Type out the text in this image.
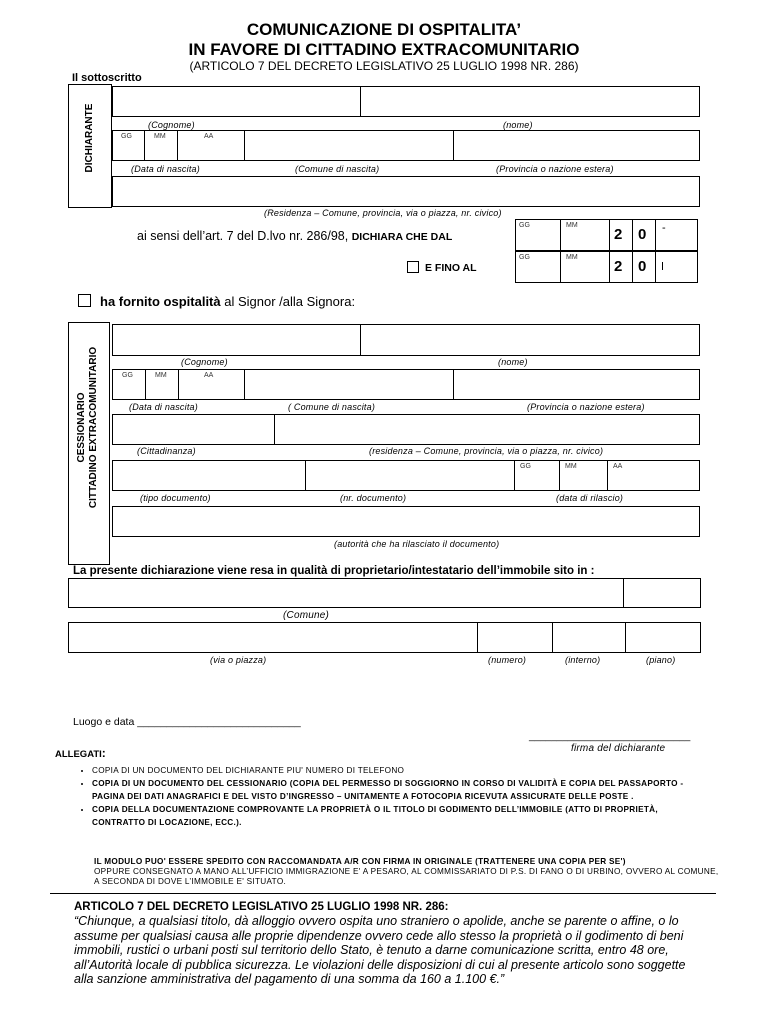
COMUNICAZIONE DI OSPITALITA’
IN FAVORE DI CITTADINO EXTRACOMUNITARIO
(ARTICOLO 7 DEL DECRETO LEGISLATIVO 25 LUGLIO 1998 NR. 286)
Il sottoscritto
DICHIARANTE	(Cognome)	(nome)
GG	MM	AA
(Data di nascita)	(Comune di nascita)	(Provincia o nazione estera)
(Residenza – Comune, provincia, via o piazza, nr. civico)
ai sensi dell’art. 7 del D.lvo nr. 286/98, DICHIARA CHE DAL
E FINO AL
GG	MM
2 0 -
GG	MM
2 0
ha fornito ospitalità al Signor /alla Signora:
CESSIONARIO
CITTADINO EXTRACOMUNITARIO	(Cognome)	(nome)
GG	MM	AA
(Data di nascita)	( Comune di nascita)	(Provincia o nazione estera)
(Cittadinanza)	(residenza – Comune, provincia, via o piazza, nr. civico)
GG	MM	AA
(tipo documento)	(nr. documento)	(data di rilascio)
(autorità che ha rilasciato il documento)
La presente dichiarazione viene resa in qualità di proprietario/intestatario dell’immobile sito in :
(Comune)
(via o piazza)	(numero)	(interno)	(piano)
Luogo e data ____________________________
_____________________________
firma del dichiarante
ALLEGATI:
• COPIA DI UN DOCUMENTO DEL DICHIARANTE PIU' NUMERO DI TELEFONO
• COPIA DI UN DOCUMENTO DEL CESSIONARIO (COPIA DEL PERMESSO DI SOGGIORNO IN CORSO DI VALIDITÀ E COPIA DEL PASSAPORTO - PAGINA DEI DATI ANAGRAFICI E DEL VISTO D’INGRESSO – UNITAMENTE A FOTOCOPIA RICEVUTA ASSICURATE DELLE POSTE .
• COPIA DELLA DOCUMENTAZIONE COMPROVANTE LA PROPRIETÀ O IL TITOLO DI GODIMENTO DELL’IMMOBILE (ATTO DI PROPRIETÀ, CONTRATTO DI LOCAZIONE, ECC.).
IL MODULO PUO' ESSERE SPEDITO CON RACCOMANDATA A/R CON FIRMA IN ORIGINALE (TRATTENERE UNA COPIA PER SE')
OPPURE CONSEGNATO A MANO ALL’UFFICIO IMMIGRAZIONE E' A PESARO, AL COMMISSARIATO DI P.S. DI FANO O DI URBINO, OVVERO AL COMUNE, A SECONDA DI DOVE L’IMMOBILE E' SITUATO.
ARTICOLO 7 DEL DECRETO LEGISLATIVO 25 LUGLIO 1998 NR. 286:
“Chiunque, a qualsiasi titolo, dà alloggio ovvero ospita uno straniero o apolide, anche se parente o affine, o lo assume per qualsiasi causa alle proprie dipendenze ovvero cede allo stesso la proprietà o il godimento di beni immobili, rustici o urbani posti sul territorio dello Stato, è tenuto a darne comunicazione scritta, entro 48 ore, all’Autorità locale di pubblica sicurezza. Le violazioni delle disposizioni di cui al presente articolo sono soggette alla sanzione amministrativa del pagamento di una somma da 160 a 1.100 €.”
